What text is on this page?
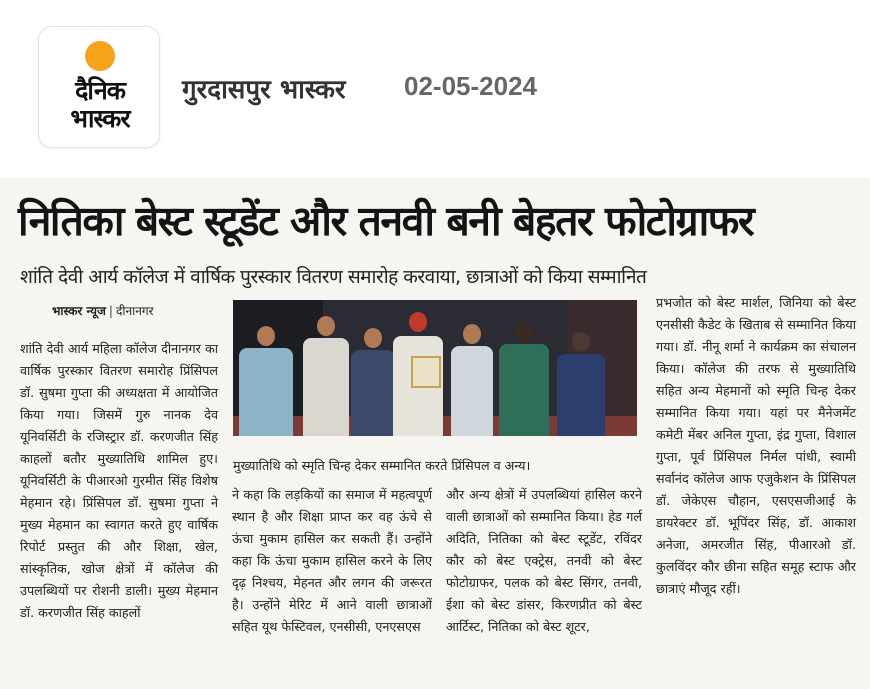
दैनिक
भास्कर
गुरदासपुर भास्कर 02-05-2024
नितिका बेस्ट स्टूडेंट और तनवी बनी बेहतर फोटोग्राफर
शांति देवी आर्य कॉलेज में वार्षिक पुरस्कार वितरण समारोह करवाया, छात्राओं को किया सम्मानित
भास्कर न्यूज | दीनानगर

शांति देवी आर्य महिला कॉलेज दीनानगर का वार्षिक पुरस्कार वितरण समारोह प्रिंसिपल डॉ. सुषमा गुप्ता की अध्यक्षता में आयोजित किया गया। जिसमें गुरु नानक देव यूनिवर्सिटी के रजिस्ट्रार डॉ. करणजीत सिंह काहलों बतौर मुख्यातिथि शामिल हुए। यूनिवर्सिटी के पीआरओ गुरमीत सिंह विशेष मेहमान रहे। प्रिंसिपल डॉ. सुषमा गुप्ता ने मुख्य मेहमान का स्वागत करते हुए वार्षिक रिपोर्ट प्रस्तुत की और शिक्षा, खेल, सांस्कृतिक, खोज क्षेत्रों में कॉलेज की उपलब्धियों पर रोशनी डाली। मुख्य मेहमान डॉ. करणजीत सिंह काहलों

मुख्यातिथि को स्मृति चिन्ह देकर सम्मानित करते प्रिंसिपल व अन्य।

ने कहा कि लड़कियों का समाज में महत्वपूर्ण स्थान है और शिक्षा प्राप्त कर वह ऊंचे से ऊंचा मुकाम हासिल कर सकती हैं। उन्होंने कहा कि ऊंचा मुकाम हासिल करने के लिए दृढ़ निश्चय, मेहनत और लगन की जरूरत है। उन्होंने मेरिट में आने वाली छात्राओं सहित यूथ फेस्टिवल, एनसीसी, एनएसएस

और अन्य क्षेत्रों में उपलब्धियां हासिल करने वाली छात्राओं को सम्मानित किया। हेड गर्ल अदिति, नितिका को बेस्ट स्टूडेंट, रविंदर कौर को बेस्ट एक्ट्रेस, तनवी को बेस्ट फोटोग्राफर, पलक को बेस्ट सिंगर, तनवी, ईशा को बेस्ट डांसर, किरणप्रीत को बेस्ट आर्टिस्ट, नितिका को बेस्ट शूटर,

प्रभजोत को बेस्ट मार्शल, जिनिया को बेस्ट एनसीसी कैडेट के खिताब से सम्मानित किया गया। डॉ. नीनू शर्मा ने कार्यक्रम का संचालन किया। कॉलेज की तरफ से मुख्यातिथि सहित अन्य मेहमानों को स्मृति चिन्ह देकर सम्मानित किया गया। यहां पर मैनेजमेंट कमेटी मेंबर अनिल गुप्ता, इंद्र गुप्ता, विशाल गुप्ता, पूर्व प्रिंसिपल निर्मल पांधी, स्वामी सर्वानंद कॉलेज आफ एजुकेशन के प्रिंसिपल डॉ. जेकेएस चौहान, एसएसजीआई के डायरेक्टर डॉ. भूपिंदर सिंह, डॉ. आकाश अनेजा, अमरजीत सिंह, पीआरओ डॉ. कुलविंदर कौर छीना सहित समूह स्टाफ और छात्राएं मौजूद रहीं।
